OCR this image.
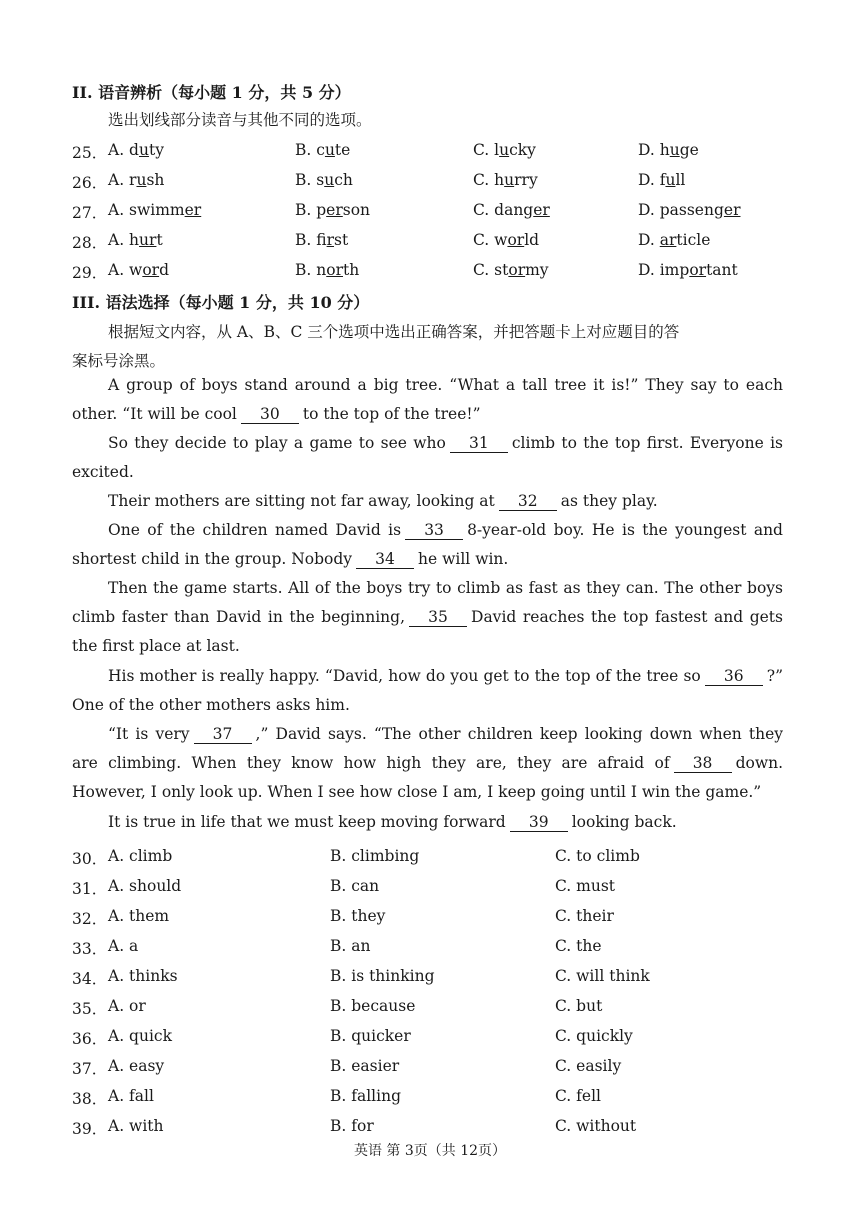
II. 语音辨析（每小题 1 分，共 5 分）
选出划线部分读音与其他不同的选项。
25． A. duty	B. cute	C. lucky	D. huge
26． A. rush	B. such	C. hurry	D. full
27． A. swimmer	B. person	C. danger	D. passenger
28． A. hurt	B. first	C. world	D. article
29． A. word	B. north	C. stormy	D. important
III. 语法选择（每小题 1 分，共 10 分）
根据短文内容，从 A、B、C 三个选项中选出正确答案，并把答题卡上对应题目的答
案标号涂黑。
A group of boys stand around a big tree. “What a tall tree it is!” They say to each other. “It will be cool 30 to the top of the tree!”
So they decide to play a game to see who 31 climb to the top first. Everyone is excited.
Their mothers are sitting not far away, looking at 32 as they play.
One of the children named David is 33 8-year-old boy. He is the youngest and shortest child in the group. Nobody 34 he will win.
Then the game starts. All of the boys try to climb as fast as they can. The other boys climb faster than David in the beginning, 35 David reaches the top fastest and gets the first place at last.
His mother is really happy. “David, how do you get to the top of the tree so 36 ?” One of the other mothers asks him.
“It is very 37 ,” David says. “The other children keep looking down when they are climbing. When they know how high they are, they are afraid of 38 down. However, I only look up. When I see how close I am, I keep going until I win the game.”
It is true in life that we must keep moving forward 39 looking back.
30． A. climb	B. climbing	C. to climb
31． A. should	B. can	C. must
32． A. them	B. they	C. their
33． A. a	B. an	C. the
34． A. thinks	B. is thinking	C. will think
35． A. or	B. because	C. but
36． A. quick	B. quicker	C. quickly
37． A. easy	B. easier	C. easily
38． A. fall	B. falling	C. fell
39． A. with	B. for	C. without
英语 第 3页（共 12页）
